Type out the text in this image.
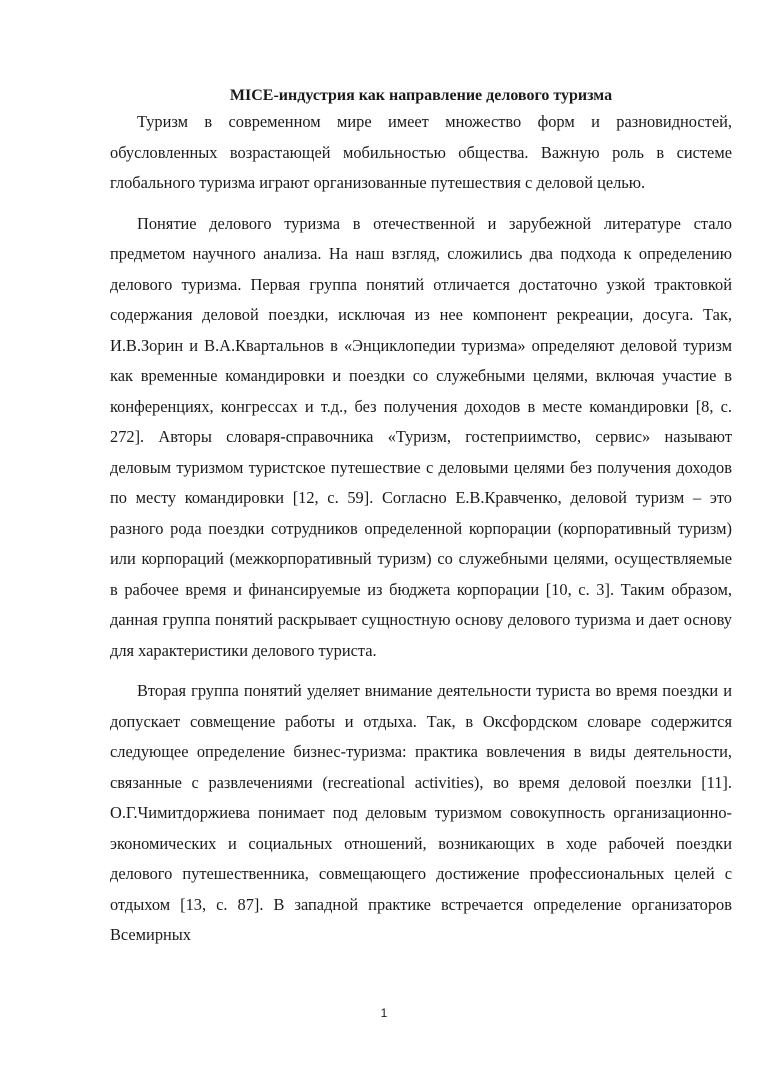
MICE-индустрия как направление делового туризма

Туризм в современном мире имеет множество форм и разновидностей, обусловленных возрастающей мобильностью общества. Важную роль в системе глобального туризма играют организованные путешествия с деловой целью.

Понятие делового туризма в отечественной и зарубежной литературе стало предметом научного анализа. На наш взгляд, сложились два подхода к определению делового туризма. Первая группа понятий отличается достаточно узкой трактовкой содержания деловой поездки, исключая из нее компонент рекреации, досуга. Так, И.В.Зорин и В.А.Квартальнов в «Энциклопедии туризма» определяют деловой туризм как временные командировки и поездки со служебными целями, включая участие в конференциях, конгрессах и т.д., без получения доходов в месте командировки [8, с. 272]. Авторы словаря-справочника «Туризм, гостеприимство, сервис» называют деловым туризмом туристское путешествие с деловыми целями без получения доходов по месту командировки [12, с. 59]. Согласно Е.В.Кравченко, деловой туризм – это разного рода поездки сотрудников определенной корпорации (корпоративный туризм) или корпораций (межкорпоративный туризм) со служебными целями, осуществляемые в рабочее время и финансируемые из бюджета корпорации [10, с. 3]. Таким образом, данная группа понятий раскрывает сущностную основу делового туризма и дает основу для характеристики делового туриста.

Вторая группа понятий уделяет внимание деятельности туриста во время поездки и допускает совмещение работы и отдыха. Так, в Оксфордском словаре содержится следующее определение бизнес-туризма: практика вовлечения в виды деятельности, связанные с развлечениями (recreational activities), во время деловой поезлки [11]. О.Г.Чимитдоржиева понимает под деловым туризмом совокупность организационно-экономических и социальных отношений, возникающих в ходе рабочей поездки делового путешественника, совмещающего достижение профессиональных целей с отдыхом [13, с. 87]. В западной практике встречается определение организаторов Всемирных

1
